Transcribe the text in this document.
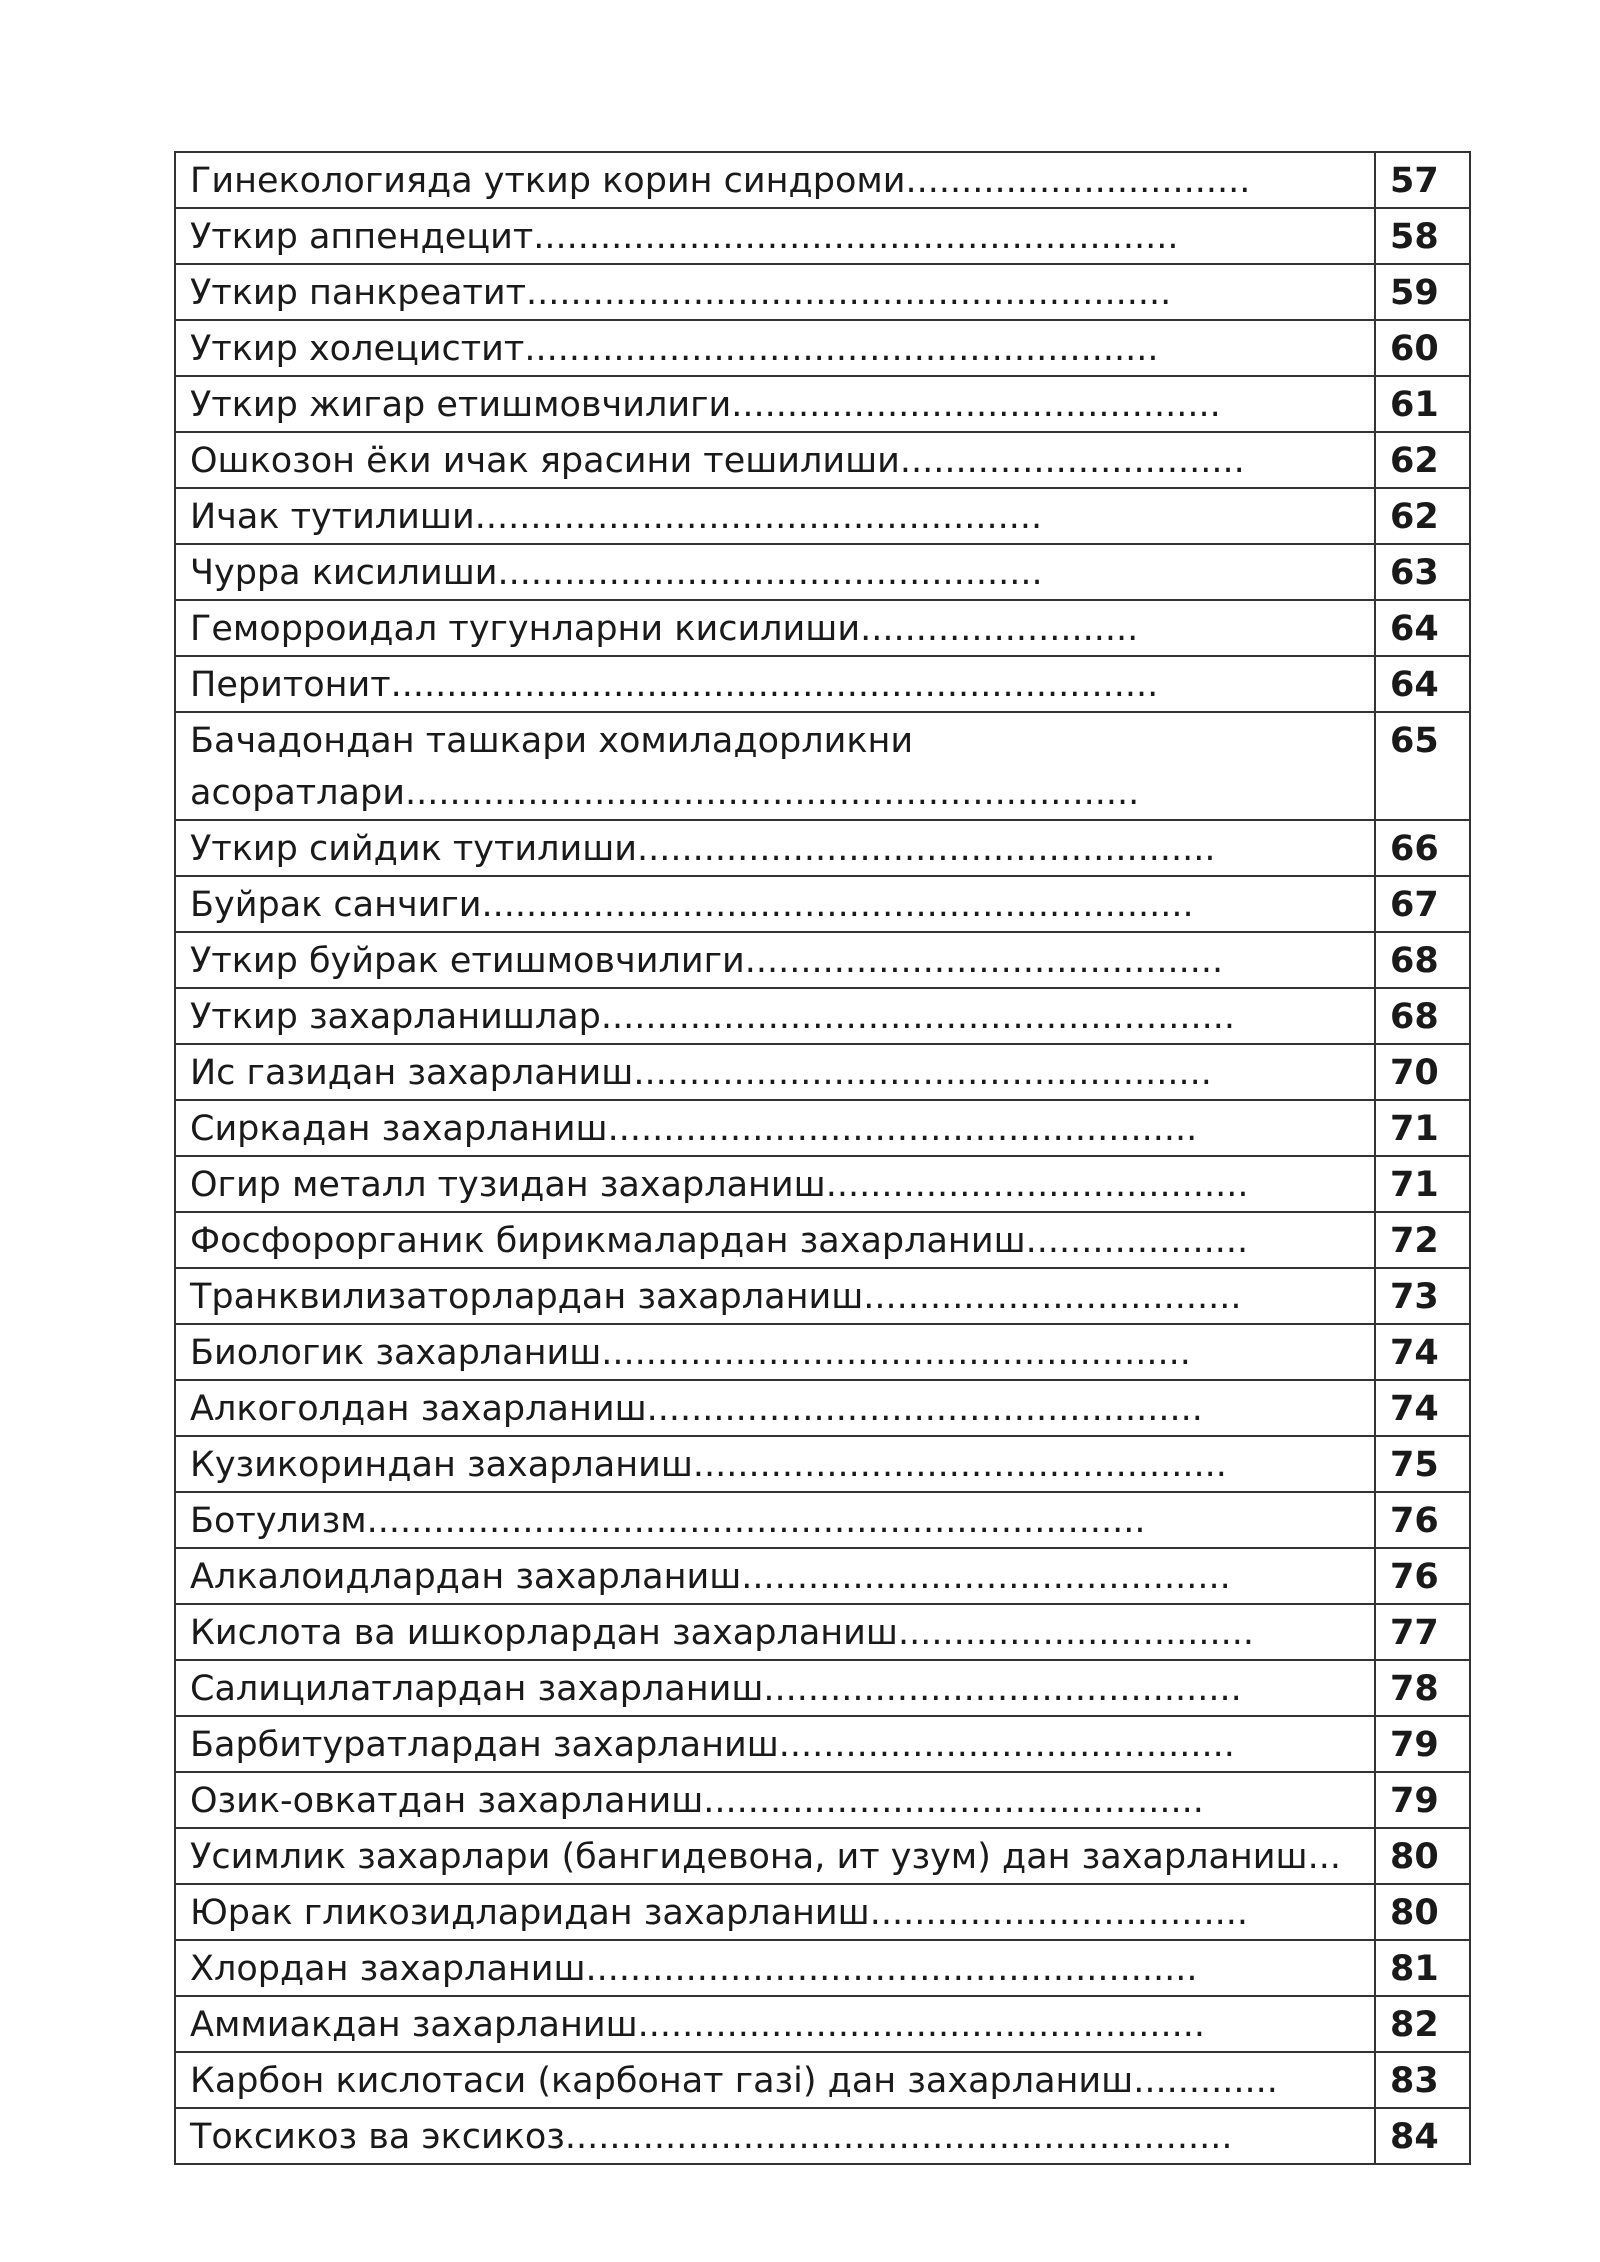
Гинекологияда уткир корин синдроми...............................	57
Уткир аппендецит..........................................................	58
Уткир панкреатит..........................................................	59
Уткир холецистит.........................................................	60
Уткир жигар етишмовчилиги............................................	61
Ошкозон ёки ичак ярасини тешилиши...............................	62
Ичак тутилиши...................................................	62
Чурра кисилиши.................................................	63
Геморроидал тугунларни кисилиши.........................	64
Перитонит.....................................................................	64

Бачадондан ташкари хомиладорликни
асоратлари..................................................................	65
Уткир сийдик тутилиши....................................................	66
Буйрак санчиги................................................................	67
Уткир буйрак етишмовчилиги...........................................	68
Уткир захарланишлар.........................................................	68
Ис газидан захарланиш....................................................	70
Сиркадан захарланиш.....................................................	71
Огир металл тузидан захарланиш......................................	71
Фосфорорганик бирикмалардан захарланиш....................	72
Транквилизаторлардан захарланиш..................................	73
Биологик захарланиш.....................................................	74
Алкоголдан захарланиш..................................................	74
Кузикориндан захарланиш................................................	75
Ботулизм......................................................................	76
Алкалоидлардан захарланиш............................................	76
Кислота ва ишкорлардан захарланиш................................	77
Салицилатлардан захарланиш...........................................	78
Барбитуратлардан захарланиш.........................................	79
Озик-овкатдан захарланиш.............................................	79
Усимлик захарлари (бангидевона, ит узум) дан захарланиш...	80
Юрак гликозидларидан захарланиш..................................	80
Хлордан захарланиш.......................................................	81
Аммиакдан захарланиш...................................................	82
Карбон кислотаси (карбонат газi) дан захарланиш.............	83
Токсикоз ва эксикоз............................................................	84
